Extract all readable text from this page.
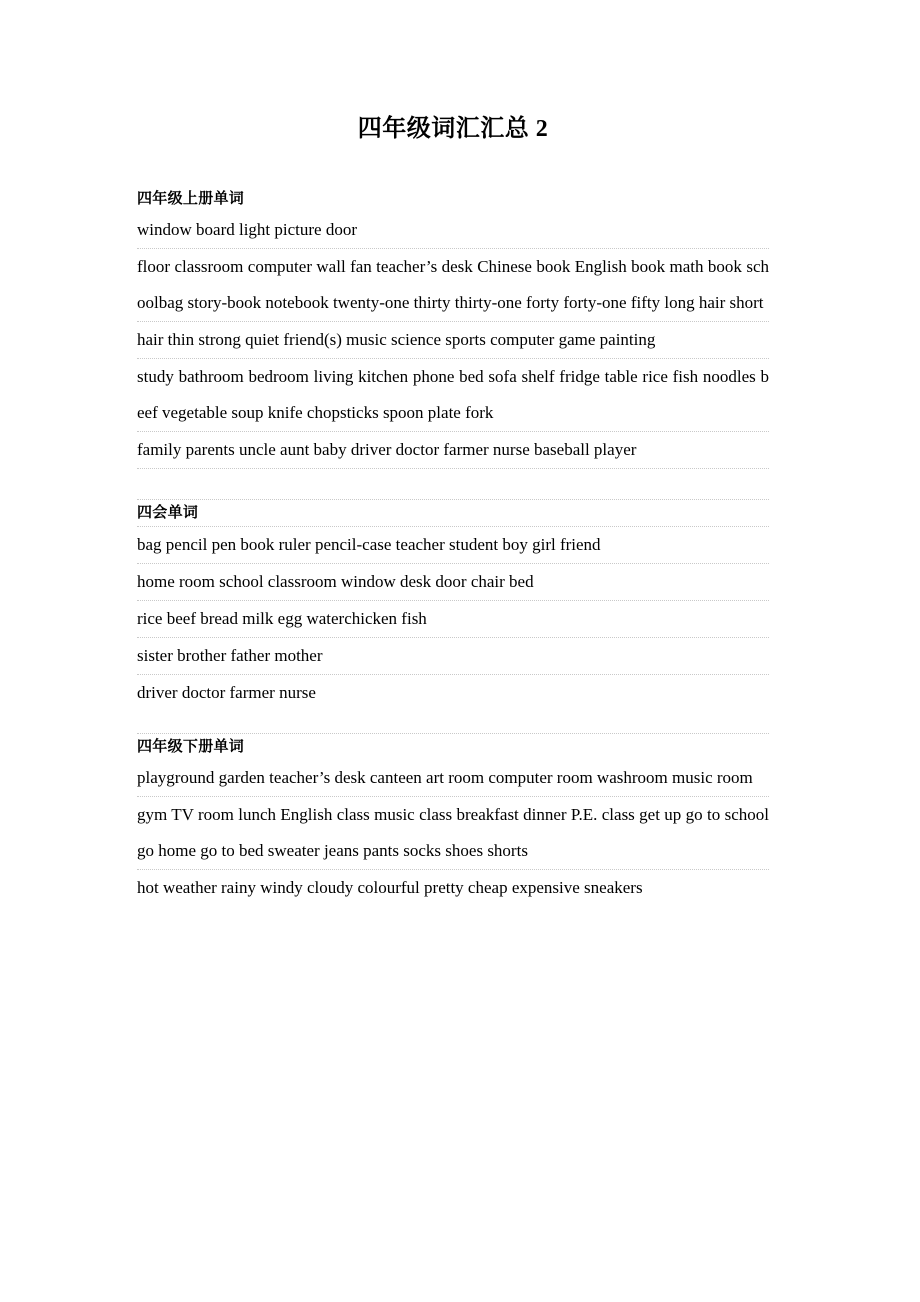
四年级词汇汇总 2
四年级上册单词
window board light picture door
floor classroom computer wall fan teacher’s desk Chinese book English book math book schoolbag story-book notebook twenty-one thirty thirty-one forty forty-one fifty long hair short
hair thin strong quiet friend(s) music science sports computer game painting
study bathroom bedroom living kitchen phone bed sofa shelf fridge table rice fish noodles beef vegetable soup knife chopsticks spoon plate fork
family parents uncle aunt baby driver doctor farmer nurse baseball player
四会单词
bag pencil pen book ruler pencil-case teacher student boy girl friend
home room school classroom window desk door chair bed
rice beef bread milk egg waterchicken fish
sister brother father mother
driver doctor farmer nurse
四年级下册单词
playground garden teacher’s desk canteen art room computer room washroom music room
gym TV room lunch English class music class breakfast dinner P.E. class get up go to school go home go to bed sweater jeans pants socks shoes shorts
hot weather rainy windy cloudy colourful pretty cheap expensive sneakers
